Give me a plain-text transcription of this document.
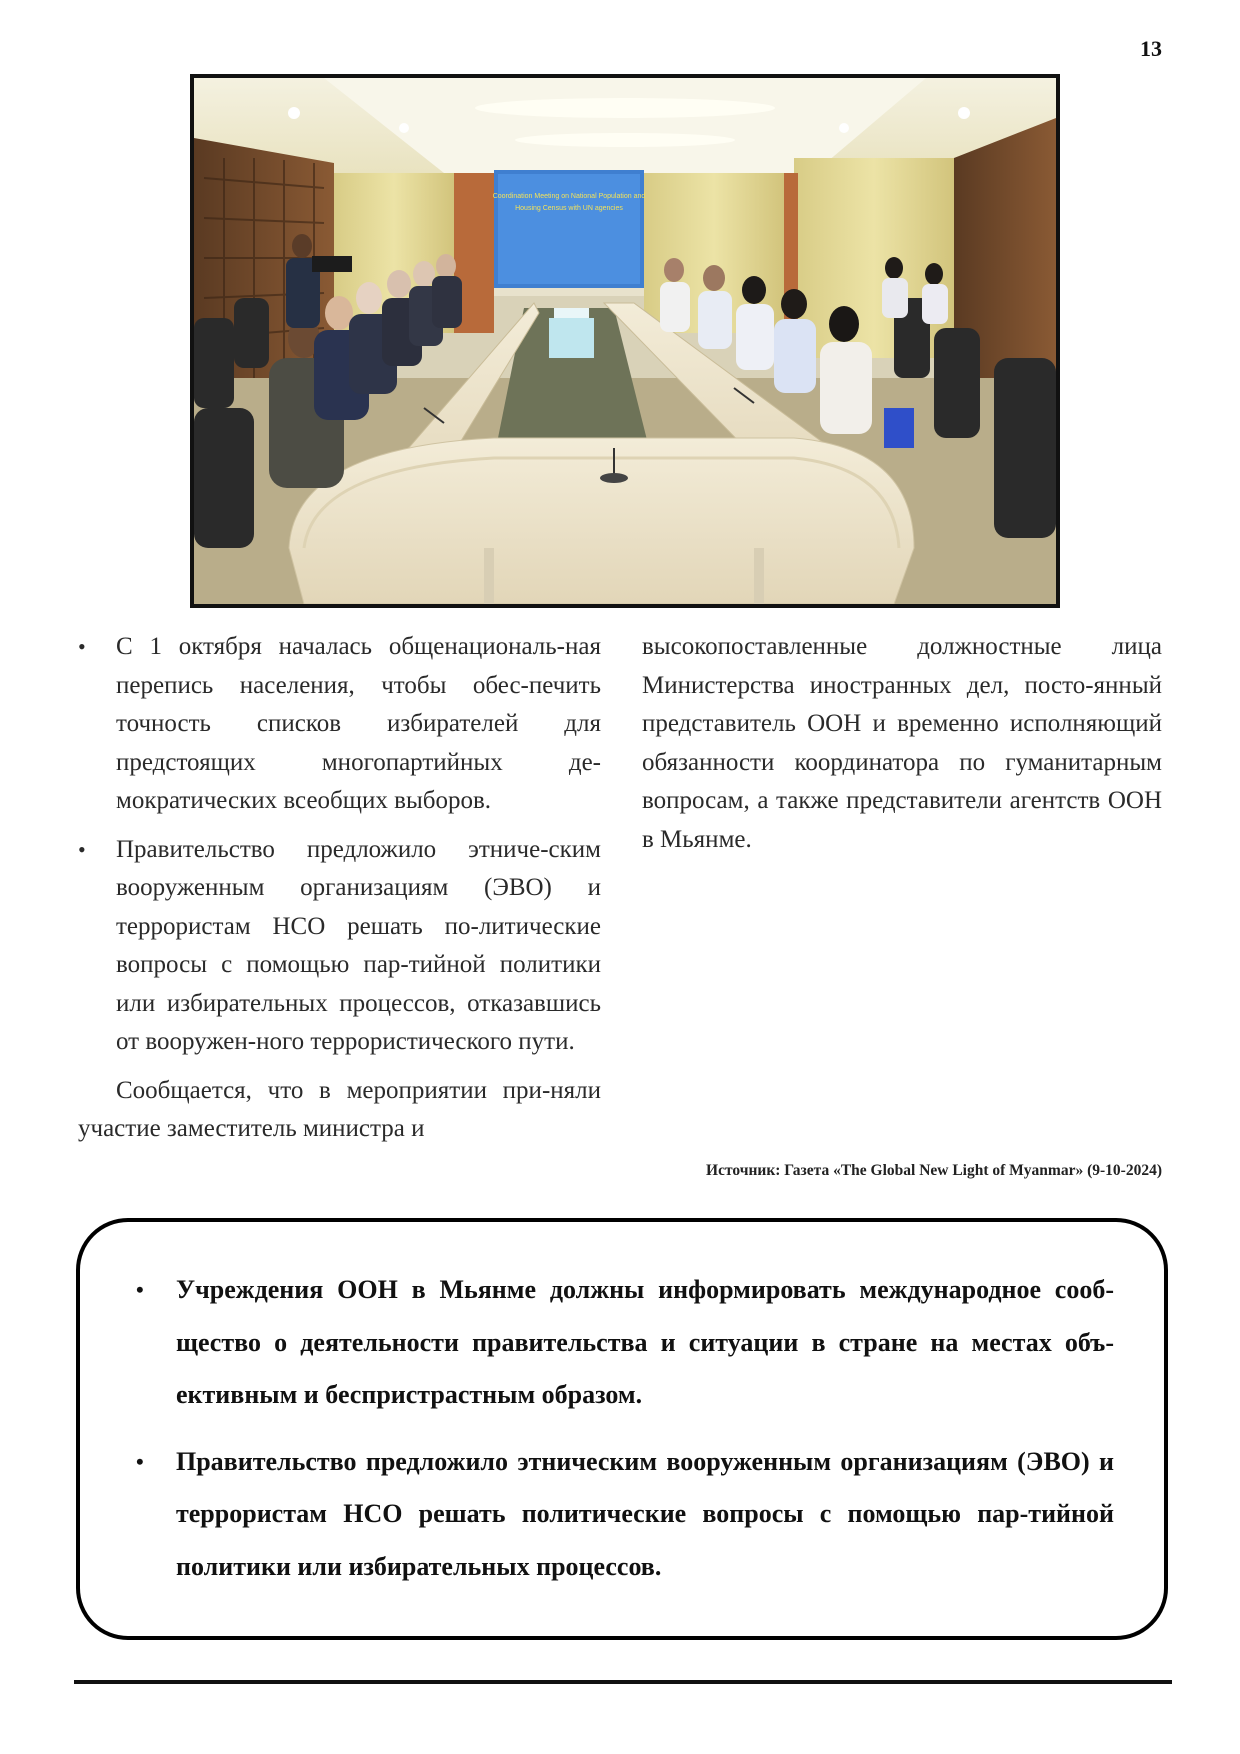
13
Coordination Meeting on National Population and
Housing Census with UN agencies
• С 1 октября началась общенациональ-ная перепись населения, чтобы обес-печить точность списков избирателей для предстоящих многопартийных де-мократических всеобщих выборов.
• Правительство предложило этниче-ским вооруженным организациям (ЭВО) и террористам НСО решать по-литические вопросы с помощью пар-тийной политики или избирательных процессов, отказавшись от вооружен-ного террористического пути.

Сообщается, что в мероприятии при-няли участие заместитель министра и

высокопоставленные должностные лица Министерства иностранных дел, посто-янный представитель ООН и временно исполняющий обязанности координатора по гуманитарным вопросам, а также представители агентств ООН в Мьянме.

Источник: Газета «The Global New Light of Myanmar» (9-10-2024)
• Учреждения ООН в Мьянме должны информировать международное сооб-щество о деятельности правительства и ситуации в стране на местах объ-ективным и беспристрастным образом.
• Правительство предложило этническим вооруженным организациям (ЭВО) и террористам НСО решать политические вопросы с помощью пар-тийной политики или избирательных процессов.
